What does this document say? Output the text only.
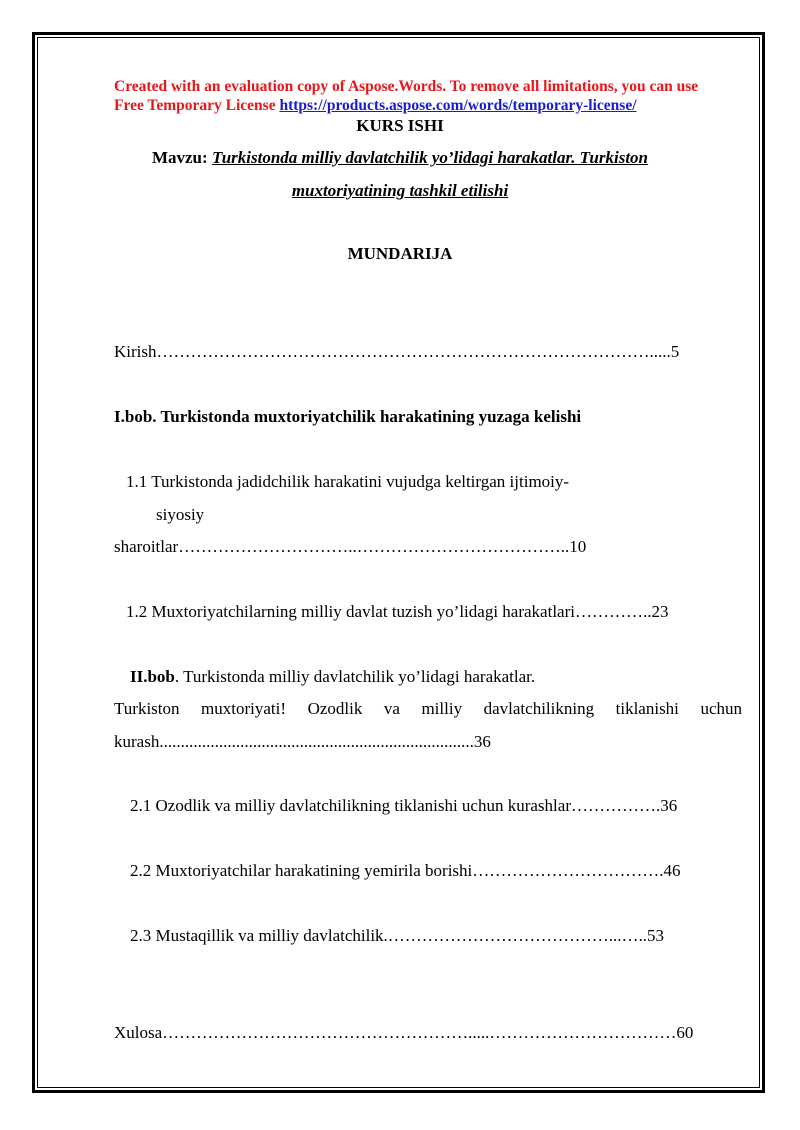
Created with an evaluation copy of Aspose.Words. To remove all limitations, you can use
Free Temporary License https://products.aspose.com/words/temporary-license/
KURS ISHI
Mavzu: Turkistonda milliy davlatchilik yo’lidagi harakatlar. Turkiston
muxtoriyatining tashkil etilishi
MUNDARIJA
Kirish…………………………………………………………………………….....5
I.bob. Turkistonda muxtoriyatchilik harakatining yuzaga kelishi
1.1 Turkistonda jadidchilik harakatini vujudga keltirgan ijtimoiy-
siyosiy
sharoitlar…………………………..………………………………..10
1.2 Muxtoriyatchilarning milliy davlat tuzish yo’lidagi harakatlari…………..23
II.bob. Turkistonda milliy davlatchilik yo’lidagi harakatlar.
Turkiston muxtoriyati! Ozodlik va milliy davlatchilikning tiklanishi uchun
kurash..........................................................................36
2.1 Ozodlik va milliy davlatchilikning tiklanishi uchun kurashlar…………….36
2.2 Muxtoriyatchilar harakatining yemirila borishi…………………………….46
2.3 Mustaqillik va milliy davlatchilik.…………………………………...…..53
Xulosa……………………………………………….....……………………………60
